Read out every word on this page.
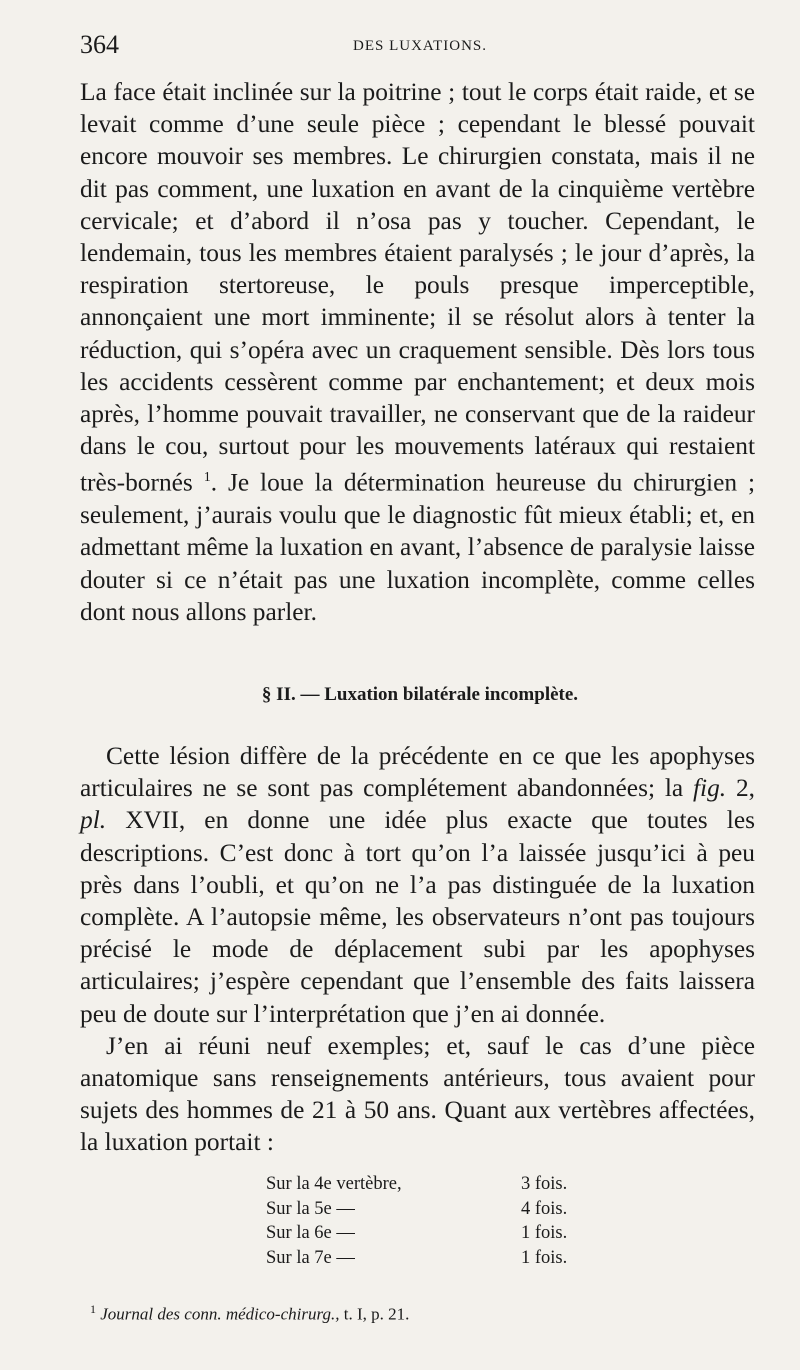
364	DES LUXATIONS.

La face était inclinée sur la poitrine ; tout le corps était raide, et se levait comme d’une seule pièce ; cependant le blessé pouvait encore mouvoir ses membres. Le chirurgien constata, mais il ne dit pas comment, une luxation en avant de la cinquième vertèbre cervicale; et d’abord il n’osa pas y toucher. Cependant, le lendemain, tous les membres étaient paralysés ; le jour d’après, la respiration stertoreuse, le pouls presque imperceptible, annonçaient une mort imminente; il se résolut alors à tenter la réduction, qui s’opéra avec un craquement sensible. Dès lors tous les accidents cessèrent comme par enchantement; et deux mois après, l’homme pouvait travailler, ne conservant que de la raideur dans le cou, surtout pour les mouvements latéraux qui restaient très-bornés $^1$. Je loue la détermination heureuse du chirurgien ; seulement, j’aurais voulu que le diagnostic fût mieux établi; et, en admettant même la luxation en avant, l’absence de paralysie laisse douter si ce n’était pas une luxation incomplète, comme celles dont nous allons parler.

§ II. — Luxation bilatérale incomplète.

Cette lésion diffère de la précédente en ce que les apophyses articulaires ne se sont pas complétement abandonnées; la fig. 2, pl. XVII, en donne une idée plus exacte que toutes les descriptions. C’est donc à tort qu’on l’a laissée jusqu’ici à peu près dans l’oubli, et qu’on ne l’a pas distinguée de la luxation complète. A l’autopsie même, les observateurs n’ont pas toujours précisé le mode de déplacement subi par les apophyses articulaires; j’espère cependant que l’ensemble des faits laissera peu de doute sur l’interprétation que j’en ai donnée.

J’en ai réuni neuf exemples; et, sauf le cas d’une pièce anatomique sans renseignements antérieurs, tous avaient pour sujets des hommes de 21 à 50 ans. Quant aux vertèbres affectées, la luxation portait :

Sur la 4e vertèbre,	3 fois.
Sur la 5e —	4 fois.
Sur la 6e —	1 fois.
Sur la 7e —	1 fois.
$^1$ Journal des conn. médico-chirurg., t. I, p. 21.
